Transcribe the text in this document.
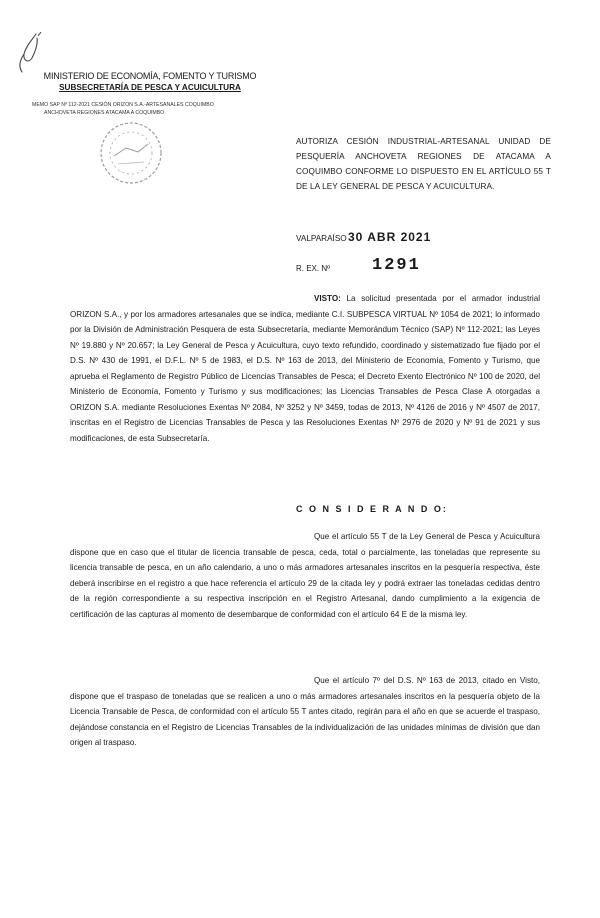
MINISTERIO DE ECONOMÍA, FOMENTO Y TURISMO
SUBSECRETARÍA DE PESCA Y ACUICULTURA
MEMO SAP Nº 112-2021 CESIÓN ORIZON S.A.-ARTESANALES COQUIMBO
ANCHOVETA REGIONES ATACAMA A COQUIMBO
AUTORIZA CESIÓN INDUSTRIAL-ARTESANAL UNIDAD DE PESQUERÍA ANCHOVETA REGIONES DE ATACAMA A COQUIMBO CONFORME LO DISPUESTO EN EL ARTÍCULO 55 T DE LA LEY GENERAL DE PESCA Y ACUICULTURA.
VALPARAÍSO 30 ABR 2021
R. EX. Nº 1291
VISTO: La solicitud presentada por el armador industrial ORIZON S.A., y por los armadores artesanales que se indica, mediante C.I. SUBPESCA VIRTUAL Nº 1054 de 2021; lo informado por la División de Administración Pesquera de esta Subsecretaría, mediante Memorándum Técnico (SAP) Nº 112-2021; las Leyes Nº 19.880 y Nº 20.657; la Ley General de Pesca y Acuicultura, cuyo texto refundido, coordinado y sistematizado fue fijado por el D.S. Nº 430 de 1991, el D.F.L. Nº 5 de 1983, el D.S. Nº 163 de 2013, del Ministerio de Economía, Fomento y Turismo, que aprueba el Reglamento de Registro Público de Licencias Transables de Pesca; el Decreto Exento Electrónico Nº 100 de 2020, del Ministerio de Economía, Fomento y Turismo y sus modificaciones; las Licencias Transables de Pesca Clase A otorgadas a ORIZON S.A. mediante Resoluciones Exentas Nº 2084, Nº 3252 y Nº 3459, todas de 2013, Nº 4126 de 2016 y Nº 4507 de 2017, inscritas en el Registro de Licencias Transables de Pesca y las Resoluciones Exentas Nº 2976 de 2020 y Nº 91 de 2021 y sus modificaciones, de esta Subsecretaría.
C O N S I D E R A N D O:
Que el artículo 55 T de la Ley General de Pesca y Acuicultura dispone que en caso que el titular de licencia transable de pesca, ceda, total o parcialmente, las toneladas que represente su licencia transable de pesca, en un año calendario, a uno o más armadores artesanales inscritos en la pesquería respectiva, éste deberá inscribirse en el registro a que hace referencia el artículo 29 de la citada ley y podrá extraer las toneladas cedidas dentro de la región correspondiente a su respectiva inscripción en el Registro Artesanal, dando cumplimiento a la exigencia de certificación de las capturas al momento de desembarque de conformidad con el artículo 64 E de la misma ley.
Que el artículo 7º del D.S. Nº 163 de 2013, citado en Visto, dispone que el traspaso de toneladas que se realicen a uno o más armadores artesanales inscritos en la pesquería objeto de la Licencia Transable de Pesca, de conformidad con el artículo 55 T antes citado, regirán para el año en que se acuerde el traspaso, dejándose constancia en el Registro de Licencias Transables de la individualización de las unidades mínimas de división que dan origen al traspaso.
